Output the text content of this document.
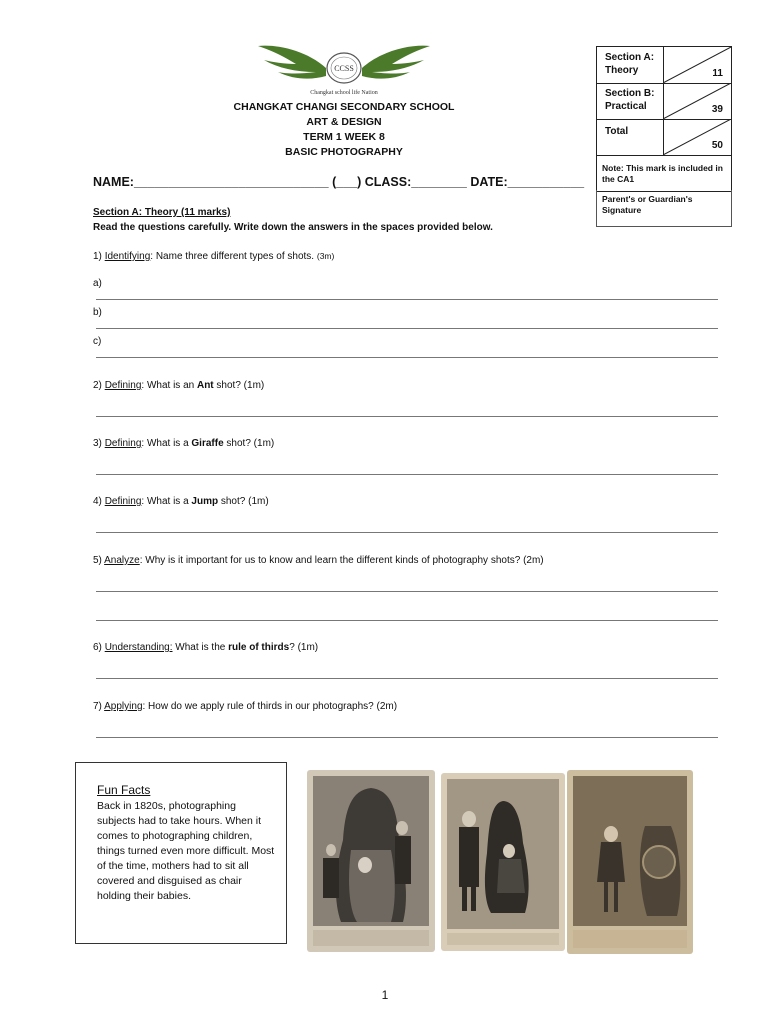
CCSS
Changkat school life Nation
CHANGKAT CHANGI SECONDARY SCHOOL
ART & DESIGN
TERM 1 WEEK 8
BASIC PHOTOGRAPHY
NAME:____________________________ (___) CLASS:________ DATE:___________
Section A: Theory	11
Section B: Practical	39
Total
50
Note: This mark is included in the CA1
Parent's or Guardian's Signature
Section A: Theory (11 marks)
Read the questions carefully. Write down the answers in the spaces provided below.
1) Identifying: Name three different types of shots. (3m)
a)
b)
c)
2) Defining: What is an Ant shot? (1m)
3) Defining: What is a Giraffe shot? (1m)
4) Defining: What is a Jump shot? (1m)
5) Analyze: Why is it important for us to know and learn the different kinds of photography shots? (2m)
6) Understanding: What is the rule of thirds? (1m)
7) Applying: How do we apply rule of thirds in our photographs? (2m)
Fun Facts
Back in 1820s, photographing subjects had to take hours. When it comes to photographing children, things turned even more difficult. Most of the time, mothers had to sit all covered and disguised as chair holding their babies.
1
